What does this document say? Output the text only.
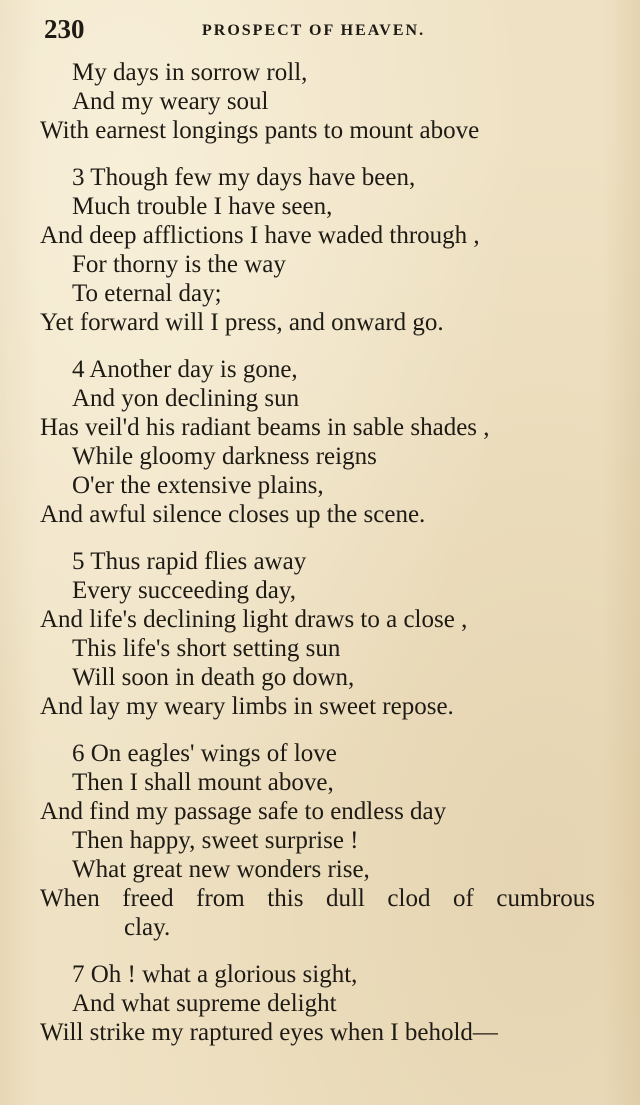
230	PROSPECT OF HEAVEN.
My days in sorrow roll,
And my weary soul
With earnest longings pants to mount above
3 Though few my days have been,
Much trouble I have seen,
And deep afflictions I have waded through ,
For thorny is the way
To eternal day;
Yet forward will I press, and onward go.
4 Another day is gone,
And yon declining sun
Has veil'd his radiant beams in sable shades ,
While gloomy darkness reigns
O'er the extensive plains,
And awful silence closes up the scene.
5 Thus rapid flies away
Every succeeding day,
And life's declining light draws to a close ,
This life's short setting sun
Will soon in death go down,
And lay my weary limbs in sweet repose.
6 On eagles' wings of love
Then I shall mount above,
And find my passage safe to endless day
Then happy, sweet surprise !
What great new wonders rise,
When freed from this dull clod of cumbrous
clay.
7 Oh ! what a glorious sight,
And what supreme delight
Will strike my raptured eyes when I behold—
